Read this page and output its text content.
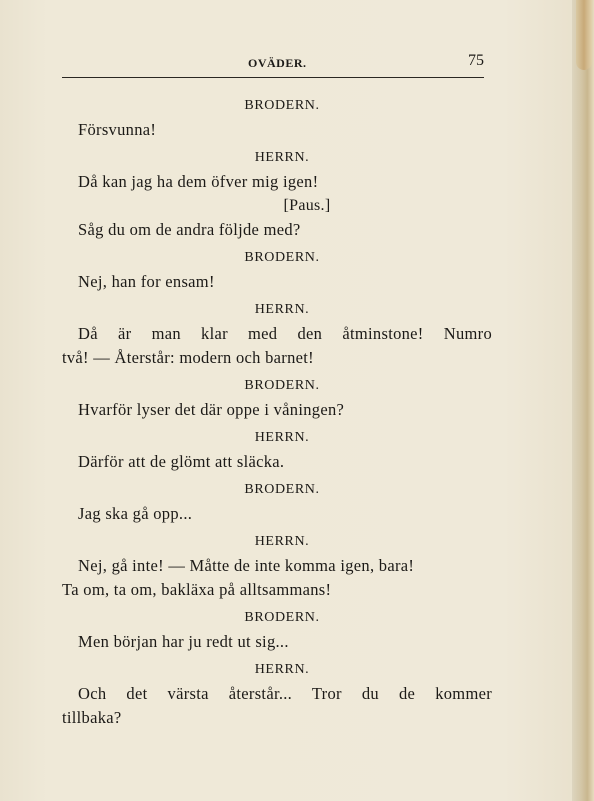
OVÄDER.	75
BRODERN.

Försvunna!

HERRN.

Då kan jag ha dem öfver mig igen!

[Paus.]

Såg du om de andra följde med?

BRODERN.

Nej, han for ensam!

HERRN.

Då är man klar med den åtminstone! Numro

två! — Återstår: modern och barnet!

BRODERN.

Hvarför lyser det där oppe i våningen?

HERRN.

Därför att de glömt att släcka.

BRODERN.

Jag ska gå opp...

HERRN.

Nej, gå inte! — Måtte de inte komma igen, bara!

Ta om, ta om, bakläxa på alltsammans!

BRODERN.

Men början har ju redt ut sig...

HERRN.

Och det värsta återstår... Tror du de kommer

tillbaka?
